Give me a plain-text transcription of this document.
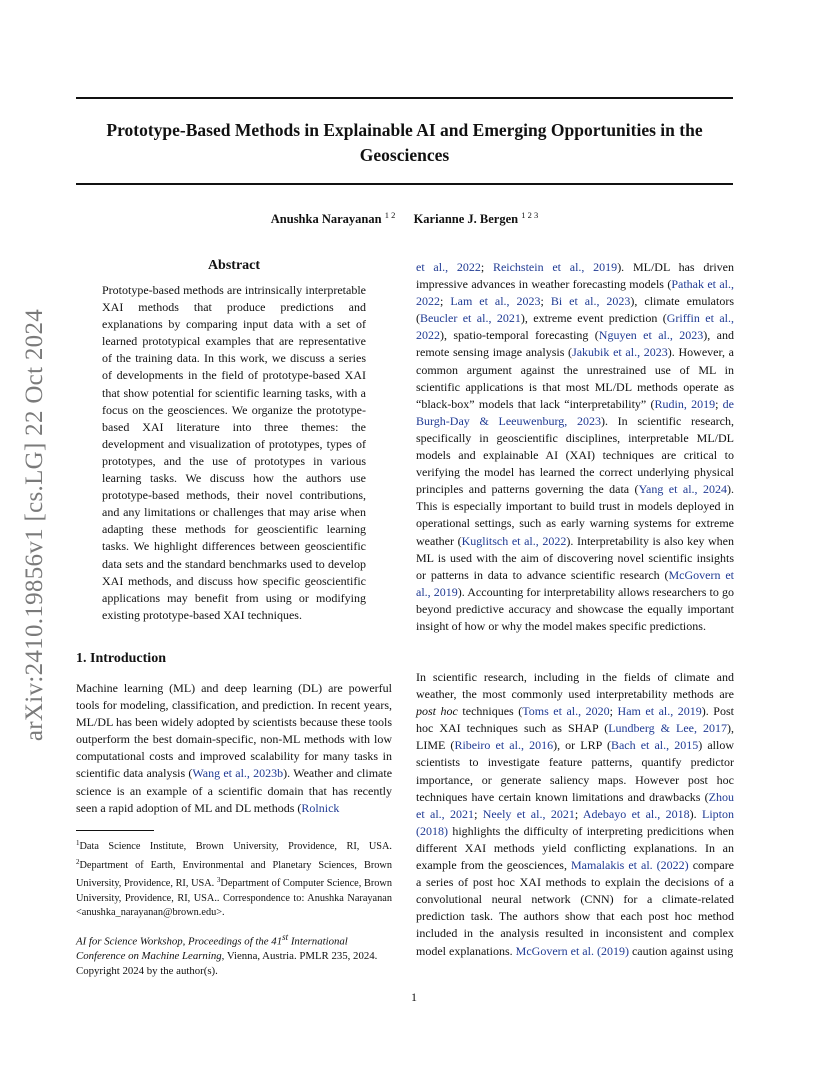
Prototype-Based Methods in Explainable AI and Emerging Opportunities in the Geosciences
Anushka Narayanan $^{1 2}$ Karianne J. Bergen $^{1 2 3}$
arXiv:2410.19856v1 [cs.LG] 22 Oct 2024
Abstract

Prototype-based methods are intrinsically interpretable XAI methods that produce predictions and explanations by comparing input data with a set of learned prototypical examples that are representative of the training data. In this work, we discuss a series of developments in the field of prototype-based XAI that show potential for scientific learning tasks, with a focus on the geosciences. We organize the prototype-based XAI literature into three themes: the development and visualization of prototypes, types of prototypes, and the use of prototypes in various learning tasks. We discuss how the authors use prototype-based methods, their novel contributions, and any limitations or challenges that may arise when adapting these methods for geoscientific learning tasks. We highlight differences between geoscientific data sets and the standard benchmarks used to develop XAI methods, and discuss how specific geoscientific applications may benefit from using or modifying existing prototype-based XAI techniques.

1. Introduction

Machine learning (ML) and deep learning (DL) are powerful tools for modeling, classification, and prediction. In recent years, ML/DL has been widely adopted by scientists because these tools outperform the best domain-specific, non-ML methods with low computational costs and improved scalability for many tasks in scientific data analysis (Wang et al., 2023b). Weather and climate science is an example of a scientific domain that has recently seen a rapid adoption of ML and DL methods (Rolnick

$^1$Data Science Institute, Brown University, Providence, RI, USA. $^2$Department of Earth, Environmental and Planetary Sciences, Brown University, Providence, RI, USA. $^3$Department of Computer Science, Brown University, Providence, RI, USA.. Correspondence to: Anushka Narayanan <anushka_narayanan@brown.edu>.
AI for Science Workshop, Proceedings of the 41st International Conference on Machine Learning, Vienna, Austria. PMLR 235, 2024. Copyright 2024 by the author(s).

et al., 2022; Reichstein et al., 2019). ML/DL has driven impressive advances in weather forecasting models (Pathak et al., 2022; Lam et al., 2023; Bi et al., 2023), climate emulators (Beucler et al., 2021), extreme event prediction (Griffin et al., 2022), spatio-temporal forecasting (Nguyen et al., 2023), and remote sensing image analysis (Jakubik et al., 2023). However, a common argument against the unrestrained use of ML in scientific applications is that most ML/DL methods operate as “black-box” models that lack “interpretability” (Rudin, 2019; de Burgh-Day & Leeuwenburg, 2023). In scientific research, specifically in geoscientific disciplines, interpretable ML/DL models and explainable AI (XAI) techniques are critical to verifying the model has learned the correct underlying physical principles and patterns governing the data (Yang et al., 2024). This is especially important to build trust in models deployed in operational settings, such as early warning systems for extreme weather (Kuglitsch et al., 2022). Interpretability is also key when ML is used with the aim of discovering novel scientific insights or patterns in data to advance scientific research (McGovern et al., 2019). Accounting for interpretability allows researchers to go beyond predictive accuracy and showcase the equally important insight of how or why the model makes specific predictions.

In scientific research, including in the fields of climate and weather, the most commonly used interpretability methods are post hoc techniques (Toms et al., 2020; Ham et al., 2019). Post hoc XAI techniques such as SHAP (Lundberg & Lee, 2017), LIME (Ribeiro et al., 2016), or LRP (Bach et al., 2015) allow scientists to investigate feature patterns, quantify predictor importance, or generate saliency maps. However post hoc techniques have certain known limitations and drawbacks (Zhou et al., 2021; Neely et al., 2021; Adebayo et al., 2018). Lipton (2018) highlights the difficulty of interpreting predicitions when different XAI methods yield conflicting explanations. In an example from the geosciences, Mamalakis et al. (2022) compare a series of post hoc XAI methods to explain the decisions of a convolutional neural network (CNN) for a climate-related prediction task. The authors show that each post hoc method included in the analysis resulted in inconsistent and complex model explanations. McGovern et al. (2019) caution against using

1
